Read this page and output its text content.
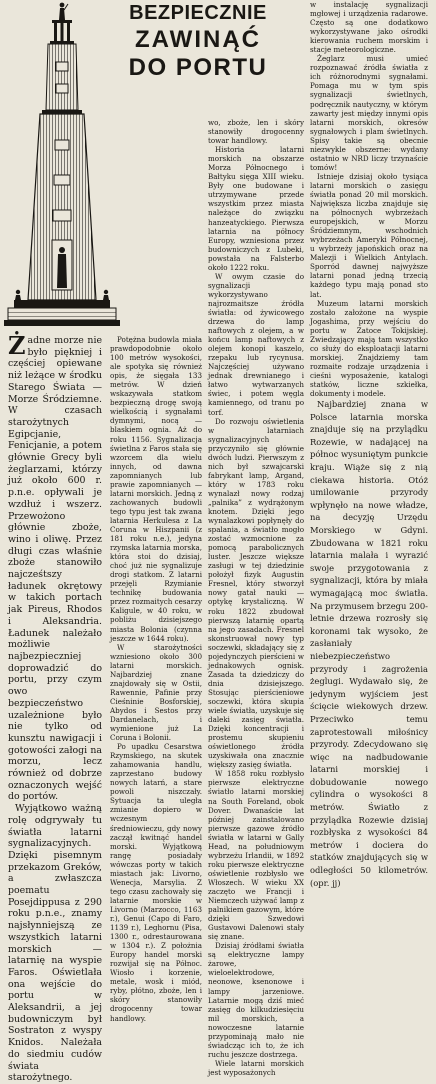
BEZPIECZNIE
ZAWINĄĆ
DO PORTU

Żadne morze nie było piękniej i częściej opiewane niż leżące w środku Starego Świata — Morze Śródziemne. W czasach starożytnych Egipcjanie, Fenicjanie, a potem głównie Grecy byli żeglarzami, którzy już około 600 r. p.n.e. opływali je wzdłuż i wszerz. Przewożono głównie zboże, wino i oliwę. Przez długi czas właśnie zboże stanowiło najcześtszy ładunek okrętowy w takich portach jak Pireus, Rhodos i Aleksandria. Ładunek należało możliwie najbezpieczniej doprowadzić do portu, przy czym owo bezpieczeństwo uzależnione było nie tylko od kunsztu nawigacji i gotowości załogi na morzu, lecz również od dobrze oznaczonych wejść do portów.

Wyjątkowo ważną rolę odgrywały tu światła latarni sygnalizacyjnych. Dzięki pisemnym przekazom Greków, a zwłaszcza poematu Posejdippusa z 290 roku p.n.e., znamy najsłynniejszą ze wszystkich latarni morskich — latarnię na wyspie Faros. Oświetlała ona wejście do portu w Aleksandrii, a jej budowniczym był Sostraton z wyspy Knidos. Należała do siedmiu cudów świata starożytnego.

Potężna budowla miała prawdopodobnie około 100 metrów wysokości, ale spotyka się również opis, że sięgała 133 metrów. W dzień wskazywała statkom bezpieczną drogę swoją wielkością i sygnałami dymnymi, nocą — blaskiem ognia. Aż do roku 1156. Sygnalizacja świetlna z Faros stała się wzorcem dla wielu innych, od dawna zapomnianych lub prawie zapomnianych — latarni morskich. Jedną z zachowanych budowli tego typu jest tak zwana latarnia Herkulesa z La Coruna w Hiszpanii (z 181 roku n.e.), jedyna rzymska latarnia morska, która stoi do dzisiaj, choć już nie sygnalizuje drogi statkom. Z latarni przejęli Rzymianie technikę budowania przez rozmaitych cesarzy Kaligule, w 40 roku, w pobliżu dzisiejszego miasta Bolonia (czynna jeszcze w 1644 roku).

W starożytności wzniesiono około 300 latarni morskich. Najbardziej znane znajdowały się w Ostii, Rawennie, Pafinie przy Cieśninie Bosforskiej, Abydos i Sestos przy Dardanelach, i wymienione już La Coruna i Bolonii.

Po upadku Cesarstwa Rzymskiego, na skutek zahamowania handlu, zaprzestano budowy nowych latarń, a stare powoli niszczały. Sytuacja ta uległa zmianie dopiero w wczesnym średniowieczu, gdy nowy zaczął kwitnąć handel morski. Wyjątkową rangę posiadały wówczas porty w takich miastach jak: Livorno, Wenecja, Marsylia. Z tego czasu zachowały się latarnie morskie w Livorno (Marzocco, 1163 r.), Genui (Capo di Faro, 1139 r.), Leghornu (Pisa, 1300 r., odrestaurowana w 1304 r.). Z położnia Europy handel morski rozwijał się na Północ. Wiosło i korzenie, metale, wosk i miód, ryby, płótno, zboże, len i skóry stanowiły drogocenny towar handlowy.

wo, zboże, len i skóry stanowiły drogocenny towar handlowy.

Historia latarni morskich na obszarze Morza Północnego i Bałtyku sięga XIII wieku. Były one budowane i utrzymywane przede wszystkim przez miasta należące do związku hanzeatyckiego. Pierwsza latarnia na północy Europy, wzniesiona przez budowniczych z Lubeki, powstała na Falsterbo około 1222 roku.

W owym czasie do sygnalizacji wykorzystywano najrozmaitsze źródła światła: od żywicowego drzewa do lamp naftowych z olejem, a w końcu lamp naftowych z olejem konopi kaszelo, rzepaku lub rycynusa. Najczęściej używano jednak drewnianego i łatwo wytwarzanych świec, i potem węgla kamiennego, od tranu po torf.

Do rozwoju oświetlenia w latarniach sygnalizacyjnych przyczyniło się głównie dwóch ludzi. Pierwszym z nich był szwajcarski fabrykant lamp, Argand, który w 1783 roku wynalazł nowy rodzaj „palnika” z wydrążonym knotem. Dzięki jego wynalazkowi popłynęły do spalania, a światło mogło zostać wzmocnione za pomocą parabolicznych luster. Jeszcze większe zasługi w tej dziedzinie położył fizyk Augustin Fresnel, który stworzył nowy gatał nauki — optykę krystaliczną. W roku 1822 zbudował pierwszą latarnię opartą na jego zasadach. Fresnel skonstruował nowy typ soczewki, składający się z pojedynczych pierścieni w jednakowych ognisk. Zasada ta dziedziczy do dnia dzisiejszego. Stosując pierścieniowe soczewki, która skupia wiele światła, uzyskuje się daleki zasięg światła. Dzięki koncentracji i prostemu skupieniu oświetlonego źródła uzyskiwała ona znacznie większy zasięg światła.

W 1858 roku rozbłysło pierwsze elektryczne światło latarni morskiej na South Foreland, obok Dover. Dwanaście lat później zainstalowano pierwsze gazowe źródło światła w latarni w Gally Head, na południowym wybrzeżu Irlandii, w 1892 roku pierwsze elektryczne oświetlenie rozbłysło we Włoszech. W wieku XX zaczęto we Francji i Niemczech używać lamp z palnikiem gazowym, które dzięki Szwedowi Gustavowi Dalenowi stały się znane.

Dzisiaj źródłami światła są elektryczne lampy żarowe, wieloelektrodowe, neonowe, ksenonowe i lampy jarzeniowe. Latarnie mogą dziś mieć zasięg do kilkudziesięciu mil morskich, a nowoczesne latarnie przypominają mało nie świadcząc ich to, że ich ruchu jeszcze dostrzega.

Wiele latarni morskich jest wyposażonych

w instalację sygnalizacji mgłowej i urządzenia radarowe. Często są one dodatkowo wykorzystywane jako ośrodki kierowania ruchem morskim i stacje meteorologiczne.

Żeglarz musi umieć rozpoznawać źródła światła z ich różnorodnymi sygnałami. Pomaga mu w tym spis sygnalizacji świetlnych, podręcznik nautyczny, w którym zawarty jest między innymi opis latarni morskich, okresów sygnałowych i plam świetlnych. Spisy takie są obecnie niezwykle obszerne: wydany ostatnio w NRD liczy trzynaście tomów!

Istnieje dzisiaj około tysiąca latarni morskich o zasięgu światła ponad 20 mil morskich. Największa liczba znajduje się na północnych wybrzeżach europejskich, w Morzu Śródziemnym, wschodnich wybrzeżach Ameryki Północnej, u wybrzeży japońskich oraz na Malezji i Wielkich Antylach. Sporród dawnej najwyższe latarni ponad jedną trzecią każdego typu mają ponad sto lat.

Muzeum latarni morskich zostało założone na wyspie Jogashima, przy wejściu do portu w Zatoce Tokijskiej. Zwiedzający mają tam wszystko co służy do eksploatacji latarni morskiej. Znajdziemy tam rozmaite rodzaje urządzenia i cieśni wyposażenie, katalogi statków, liczne szkiełka, dokumenty i modele.

Najbardziej znana w Polsce latarnia morska znajduje się na przylądku Rozewie, w nadającej na północ wysuniętym punkcie kraju. Wiąże się z nią ciekawa historia. Otóż umilowanie przyrody wpłynęło na nowe władze, na decyzję Urzędu Morskiego w Gdyni. Zbudowana w 1821 roku latarnia malała i wyrazić swoje przygotowania z sygnalizacji, która by miała wymagającą moc światła. Na przymusem brzegu 200-letnie drzewa rozrosły się koronami tak wysoko, że zasłaniały niebezpieczeństwo przyrody i zagrożenia żeglugi. Wydawało się, że jedynym wyjściem jest ścięcie wiekowych drzew. Przeciwko temu zaprotestowali miłośnicy przyrody. Zdecydowano się więc na nadbudowanie latarni morskiej i dobudowanie nowego cylindra o wysokości 8 metrów. Światło z przylądka Rozewie dzisiaj rozbłyska z wysokości 84 metrów i dociera do statków znajdujących się w odległości 50 kilometrów. (opr. jj)
